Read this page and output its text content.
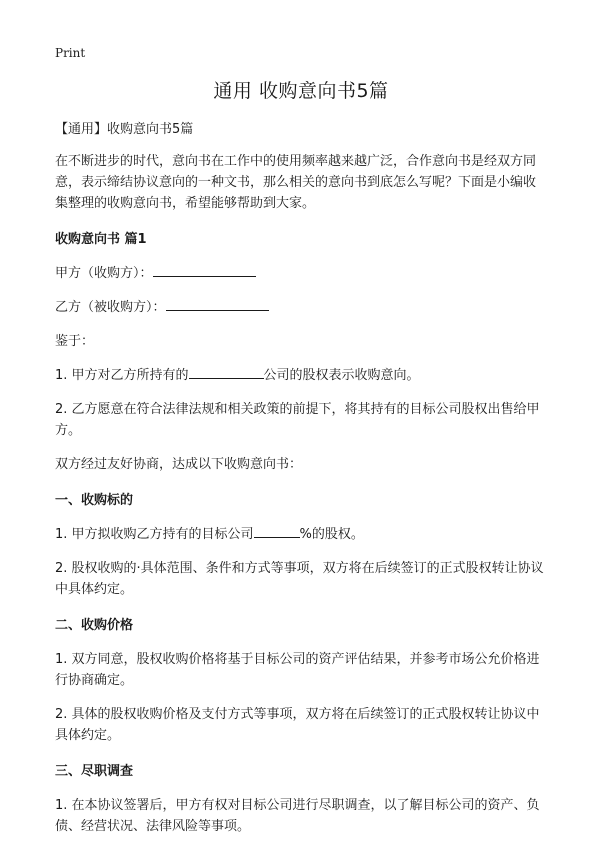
Print
通用 收购意向书5篇

【通用】收购意向书5篇

在不断进步的时代，意向书在工作中的使用频率越来越广泛，合作意向书是经双方同意，表示缔结协议意向的一种文书，那么相关的意向书到底怎么写呢？下面是小编收集整理的收购意向书，希望能够帮助到大家。

收购意向书 篇1

甲方（收购方）：

乙方（被收购方）：

鉴于：

1. 甲方对乙方所持有的	公司的股权表示收购意向。

2. 乙方愿意在符合法律法规和相关政策的前提下，将其持有的目标公司股权出售给甲方。

双方经过友好协商，达成以下收购意向书：

一、收购标的

1. 甲方拟收购乙方持有的目标公司	%的股权。

2. 股权收购的·具体范围、条件和方式等事项，双方将在后续签订的正式股权转让协议中具体约定。

二、收购价格

1. 双方同意，股权收购价格将基于目标公司的资产评估结果，并参考市场公允价格进行协商确定。

2. 具体的股权收购价格及支付方式等事项，双方将在后续签订的正式股权转让协议中具体约定。

三、尽职调查

1. 在本协议签署后，甲方有权对目标公司进行尽职调查，以了解目标公司的资产、负债、经营状况、法律风险等事项。
